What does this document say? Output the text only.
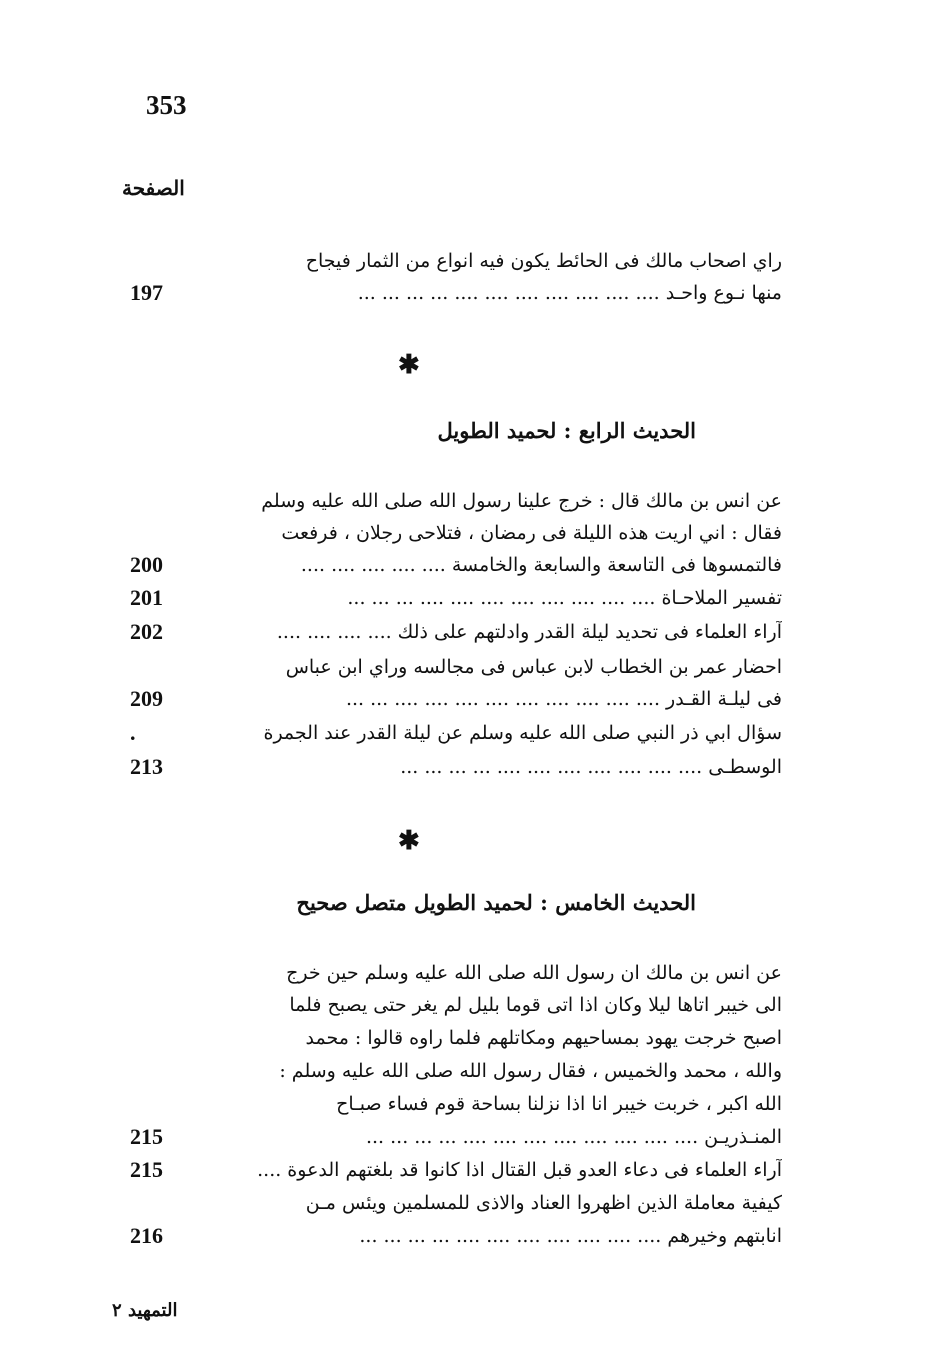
353
الصفحة
راي اصحاب مالك فى الحائط يكون فيه انواع من الثمار فيجاح
197	منها نـوع واحـد .... .... .... .... .... .... .... ... ... ... ...
✱
الحديث الرابع : لحميد الطويل
عن انس بن مالك قال : خرج علينا رسول الله صلى الله عليه وسلم
فقال : اني اريت هذه الليلة فى رمضان ، فتلاحى رجلان ، فرفعت
200	فالتمسوها فى التاسعة والسابعة والخامسة .... .... .... .... ....
201	تفسير الملاحـاة .... .... .... .... .... .... .... .... ... ... ...
202	آراء العلماء فى تحديد ليلة القدر وادلتهم على ذلك .... .... .... ....
احضار عمر بن الخطاب لابن عباس فى مجالسه وراي ابن عباس
209	فى ليلـة القـدر .... .... .... .... .... .... .... .... .... ... ...
.	سؤال ابي ذر النبي صلى الله عليه وسلم عن ليلة القدر عند الجمرة
213	الوسطـى .... .... .... .... .... .... .... ... ... ... ...
✱
الحديث الخامس : لحميد الطويل متصل صحيح
عن انس بن مالك ان رسول الله صلى الله عليه وسلم حين خرج
الى خيبر اتاها ليلا وكان اذا اتى قوما بليل لم يغر حتى يصبح فلما
اصبح خرجت يهود بمساحيهم ومكاتلهم فلما راوه قالوا : محمد
والله ، محمد والخميس ، فقال رسول الله صلى الله عليه وسلم :
الله اكبر ، خربت خيبر انا اذا نزلنا بساحة قوم فساء صبـاح
215	المنـذريـن .... .... .... .... .... .... .... .... ... ... ... ...
215	آراء العلماء فى دعاء العدو قبل القتال اذا كانوا قد بلغتهم الدعوة ....
كيفية معاملة الذين اظهروا العناد والاذى للمسلمين ويئس مـن
216	انابتهم وخيرهم .... .... .... .... .... .... .... ... ... ... ...
التمهيد ٢
